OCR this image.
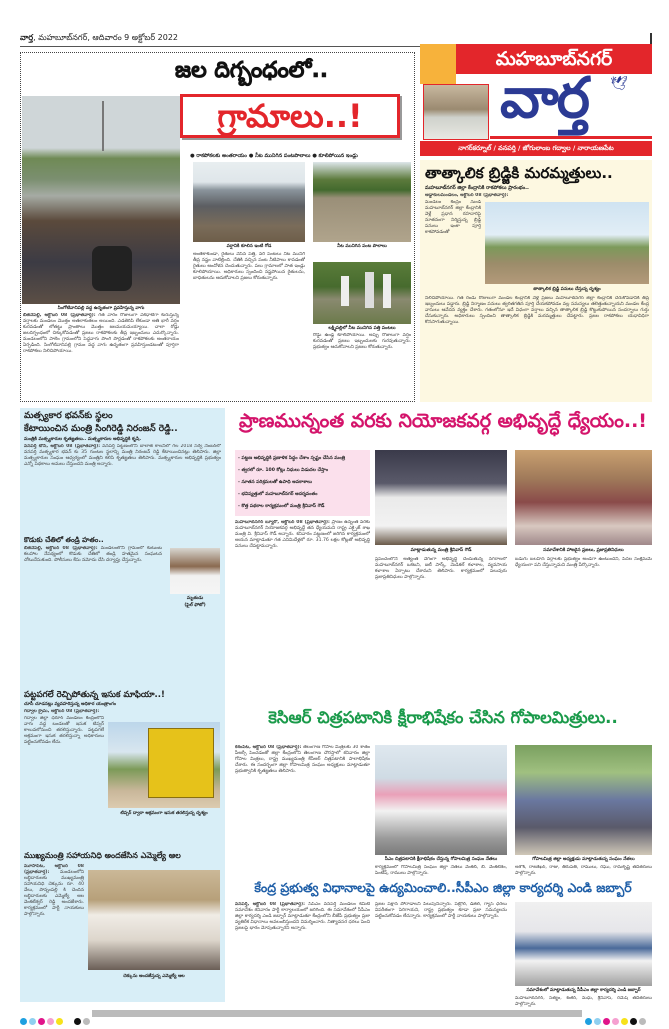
వార్త, మహబూబ్‌నగర్, ఆదివారం 9 అక్టోబర్ 2022
జల దిగ్బంధంలో..
గ్రామాలు..!
సింగోటివానిపల్లి వద్ద ఉదృతంగా ప్రవహిస్తున్న వాగు
● రాకపోకలకు అంతరాయం ● నీట మునిగిన పంటపొలాలు ● కూలిపోయిన ఇండ్లు
వర్షానికి కూలిన ఇంటి గోడ	నీట మునిగిన పంట పొలాలు
లక్ష్మిపల్లిలో నీట మునిగిన పత్తి పంటలు
బిజినేపల్లి, అక్టోబర్ 08 (ప్రభాతవార్త): గత వారం రోజులుగా ఏకధాటిగా కురుస్తున్న వర్షాలకు మండలం మొత్తం అతలాకుతలం అయింది. ఎడతెరిపి లేకుండా అతి భారీ వర్షం కురవడంతో లోతట్టు ప్రాంతాలు మొత్తం జలమయమయ్యాయి. చాలా రోడ్లు జలదిగ్బంధంలో చిక్కుకోవడంతో ప్రజలు రాకపోకలకు తీవ్ర ఇబ్బందులు ఎదుర్కొన్నారు. మండలంలోని పాలెం గ్రామంలోని పెద్దవాగు పొంగి పొర్లడంతో రాకపోకలకు అంతరాయం ఏర్పడింది. సింగోటివానిపల్లి గ్రామం వద్ద వాగు ఉదృతంగా ప్రవహిస్తుండటంతో పూర్తిగా రాకపోకలు నిలిచిపోయాయి.
అంతేకాకుండా, రైతులు వేసిన పత్తి, వరి పంటలు నీట మునిగి తీవ్ర నష్టం వాటిల్లింది. చేతికి వచ్చిన పంట నీటిపాలు కావడంతో రైతులు ఆందోళన చెందుతున్నారు. పలు గ్రామాలలో పాత ఇండ్లు కూలిపోయాయి. అధికారులు స్పందించి నష్టపోయిన రైతులను, బాధితులను ఆదుకోవాలని ప్రజలు కోరుతున్నారు.
రోడ్డు ఉండ్ల కూలిపోయాయి. అప్పు రోజులుగా వర్షం కురవడంతో ప్రజలు ఇబ్బందులకు గురవుతున్నారు. ప్రభుత్వం ఆదుకోవాలని ప్రజలు కోరుతున్నారు.
మహబూబ్‌నగర్
వార్త 🕊
నాగర్‌కర్నూల్ / వనపర్తి / జోగులాంబ గద్వాల / నారాయణపేట
తాత్కాలిక బ్రిడ్జికి మరమ్మత్తులు..
మహబూబ్‌నగర్ జిల్లా కేంద్రానికి రాకపోకలు ప్రారంభం..
అడ్డాకులమండలం, అక్టోబర్ 08 (ప్రభాతవార్త):
మండలం కేంద్రం నుండి మహబూబ్‌నగర్ జిల్లా కేంద్రానికి వెళ్లే ప్రధాన రహదారిపై నూతనంగా నిర్మిస్తున్న బ్రిడ్జి పనులు ఇంకా పూర్తి కాకపోవడంతో
తాత్కాలిక బ్రిడ్జి పనులు చేస్తున్న దృశ్యం
నిలిచిపోయాయి. గత రెండు రోజులుగా మండల కేంద్రానికి వెళ్లే ప్రజలు మహబూబ్‌నగర్ జిల్లా కేంద్రానికి చేరుకోవడానికి తీవ్ర ఇబ్బందులు పడ్డారు. బ్రిడ్జి నిర్మాణం పనులు త్వరితగతిన పూర్తి చేయకపోవడం వల్ల సమస్యలు తలెత్తుతున్నాయని మండల కేంద్ర వాసులు ఆవేదన వ్యక్తం చేశారు. గతంలోనూ ఇదే విధంగా వర్షాలు వచ్చిన తాత్కాలిక బ్రిడ్జి కొట్టుకుపోయిన సందర్భాలు గుర్తు చేసుకున్నారు. అధికారులు స్పందించి తాత్కాలిక బ్రిడ్జికి మరమ్మత్తులు చేపట్టారు. ప్రజల రాకపోకలు యధావిధిగా కొనసాగుతున్నాయి.
మత్స్యకార భవన్‌కు స్థలం
కేటాయించిన మంత్రి సింగిరెడ్డి నిరంజన్ రెడ్డి..
మంత్రికి మత్స్యకారుల కృతజ్ఞతలు.. మత్స్యకారుల అభివృద్ధికి కృషి.
వనపర్తి టౌన్, అక్టోబర్ 08 (ప్రభాతవార్త): వనపర్తి పట్టణంలోని బాలాజీ కాలనీలో గల 2018 సర్వే నెంబర్‌లో వనపర్తి మత్స్యకార భవన్ కు 35 గుంటల స్థలాన్ని మంత్రి నిరంజన్ రెడ్డి కేటాయించినట్లు తెలిపారు. జిల్లా మత్స్యకారుల సంఘం ఆధ్వర్యంలో మంత్రిని కలిసి కృతజ్ఞతలు తెలిపారు. మత్స్యకారుల అభివృద్ధికి ప్రభుత్వం ఎన్నో పథకాలు అమలు చేస్తుందని మంత్రి అన్నారు.
కొడుకు చేతిలో తండ్రి హతం..
బిజినేపల్లి, అక్టోబర్ 08 (ప్రభాతవార్త): మండలంలోని గ్రామంలో కుటుంబ కలహాల నేపథ్యంలో కొడుకు చేతిలో తండ్రి హతమైన సంఘటన చోటుచేసుకుంది. పోలీసులు కేసు నమోదు చేసి దర్యాప్తు చేస్తున్నారు.
మృతుడు
(ఫైల్ ఫోటో)
పట్టపగలే రెచ్చిపోతున్న ఇసుక మాఫియా..!
చూసీ చూడనట్లు వ్యవహరిస్తున్న అధికార యంత్రాంగం
గద్వాల క్రైమ్, అక్టోబర్ 08 (ప్రభాతవార్త):
గద్వాల జిల్లా ధరూర్ మండలం కేంద్రంలోని వాగు వద్ద బండలతో ఇసుక టిప్పర్ కాలువలోనుంచి తరలిస్తున్నారు. పట్టపగలే అక్రమంగా ఇసుక తరలిస్తున్నా అధికారులు పట్టించుకోవడం లేదు.
టిప్పర్ ద్వారా అక్రమంగా ఇసుక తరలిస్తున్న దృశ్యం
ముఖ్యమంత్రి సహాయనిధి అందజేసిన ఎమ్మెల్యే ఆల
మూసాపేట, అక్టోబర్ 08 (ప్రభాతవార్త): మండలంలోని లబ్ధిదారులకు ముఖ్యమంత్రి సహాయనిధి చెక్కును రూ. 40 వేలు, పొన్నంపల్లి కి చెందిన లబ్ధిదారులకు ఎమ్మెల్యే ఆల వెంకటేశ్వర్ రెడ్డి అందజేశారు. కార్యక్రమంలో పార్టీ నాయకులు పాల్గొన్నారు.
చెక్కును అందజేస్తున్న ఎమ్మెల్యే ఆల
ప్రాణమున్నంత వరకు నియోజకవర్గ అభివృద్ధే ధ్యేయం..!
- పట్టణ అభివృద్ధికి ప్రణాళిక సిద్ధం చేశాం స్పష్టం చేసిన మంత్రి
- త్వరలో రూ. 100 కోట్లు నిధులు విడుదల చేస్తాం
- నూతన పరిశ్రమలతో ఉపాధి అవకాశాలు
- భవిష్యత్తులో మహబూబ్‌నగర్ ఆదర్శవంతం
- కొత్త పథకాల కార్యక్రమంలో మంత్రి శ్రీనివాస్ గౌడ్
మహబూబ్‌నగర్ బ్యూరో, అక్టోబర్ 08 (ప్రభాతవార్త): ప్రాణం ఉన్నంత వరకు మహబూబ్‌నగర్ నియోజకవర్గ అభివృద్ధే తన ధ్యేయమని రాష్ట్ర ఎక్సైజ్ శాఖ మంత్రి వి. శ్రీనివాస్ గౌడ్ అన్నారు. శనివారం పట్టణంలో జరిగిన కార్యక్రమంలో ఆయన మాట్లాడుతూ గత ఎనిమిదేళ్లలో రూ. 31.76 లక్షల కోట్లతో అభివృద్ధి పనులు చేపట్టామన్నారు.
మాట్లాడుతున్న మంత్రి శ్రీనివాస్ గౌడ్	సమావేశానికి హాజరైన ప్రజలు, ప్రజాప్రతినిధులు
ప్రపంచంలోనే అత్యంత వేగంగా అభివృద్ధి చెందుతున్న నగరాలలో మహబూబ్‌నగర్ ఒకటని, ఐటీ పార్క్, మెడికల్ కళాశాల, వ్యవసాయ కళాశాల ఏర్పాటు చేశామని తెలిపారు. కార్యక్రమంలో పలువురు ప్రజాప్రతినిధులు పాల్గొన్నారు.
బడుగు బలహీన వర్గాలకు ప్రభుత్వం అండగా ఉంటుందని, పేదల సంక్షేమమే ధ్యేయంగా పని చేస్తున్నామని మంత్రి పేర్కొన్నారు.
కెసిఆర్ చిత్రపటానికి క్షీరాభిషేకం చేసిన గోపాలమిత్రులు..
కేశంపేట, అక్టోబర్ 08 (ప్రభాతవార్త): తెలంగాణ గోపాల మిత్రలకు 30 శాతం పీఆర్సీ పెంచడంతో జిల్లా కేంద్రంలోని తెలంగాణ చౌరస్తాలో శనివారం జిల్లా గోపాల మిత్రలు, రాష్ట్ర ముఖ్యమంత్రి కేసీఆర్ చిత్రపటానికి పాలాభిషేకం చేశారు. ఈ సందర్భంగా జిల్లా గోపాలమిత్ర సంఘం అధ్యక్షులు మాట్లాడుతూ ప్రభుత్వానికి కృతజ్ఞతలు తెలిపారు.
సీఎం చిత్రపటానికి క్షీరాభిషేకం చేస్తున్న గోపాలమిత్ర సంఘం నేతలు	గోపాలమిత్ర జిల్లా అధ్యక్షుడు మాట్లాడుతున్న సంఘం నేతలు
కార్యక్రమంలో గోపాలమిత్ర సంఘం జిల్లా నేతలు వెంకట్, బి. వెంకటేశం, పెంటేష్, రాములు పాల్గొన్నారు.
అశోక్, రాజశేఖర్, రాజు, తిరుపతి, రాములు, రఘు, రామకృష్ణ తదితరులు పాల్గొన్నారు.
కేంద్ర ప్రభుత్వ విధానాలపై ఉద్యమించాలి..సీపీఎం జిల్లా కార్యదర్శి ఎండి జబ్బార్
వనపర్తి, అక్టోబర్ 08 (ప్రభాతవార్త): సీపీఎం వనపర్తి మండలం కమిటీ సమావేశం శనివారం పార్టీ కార్యాలయంలో జరిగింది. ఈ సమావేశంలో సీపీఎం జిల్లా కార్యదర్శి ఎండి జబ్బార్ మాట్లాడుతూ కేంద్రంలోని బీజేపీ ప్రభుత్వం ప్రజా వ్యతిరేక విధానాలు అవలంబిస్తుందని విమర్శించారు. నిత్యావసర ధరలు పెంచి ప్రజలపై భారం మోపుతున్నారని అన్నారు.
ప్రజల పక్షాన పోరాడాలని పిలుపునిచ్చారు. పెట్రోల్, డీజిల్, గ్యాస్ ధరలు విపరీతంగా పెరిగాయని, రాష్ట్ర ప్రభుత్వం కూడా ప్రజా సమస్యలను పట్టించుకోవడం లేదన్నారు. కార్యక్రమంలో పార్టీ నాయకులు పాల్గొన్నారు.
సమావేశంలో మాట్లాడుతున్న సీపీఎం జిల్లా కార్యదర్శి ఎండి జబ్బార్
మహబూబ్‌నగర్, సత్యం, శంకర్, మధు, శ్రీనివాస్, రమేష్ తదితరులు పాల్గొన్నారు.
